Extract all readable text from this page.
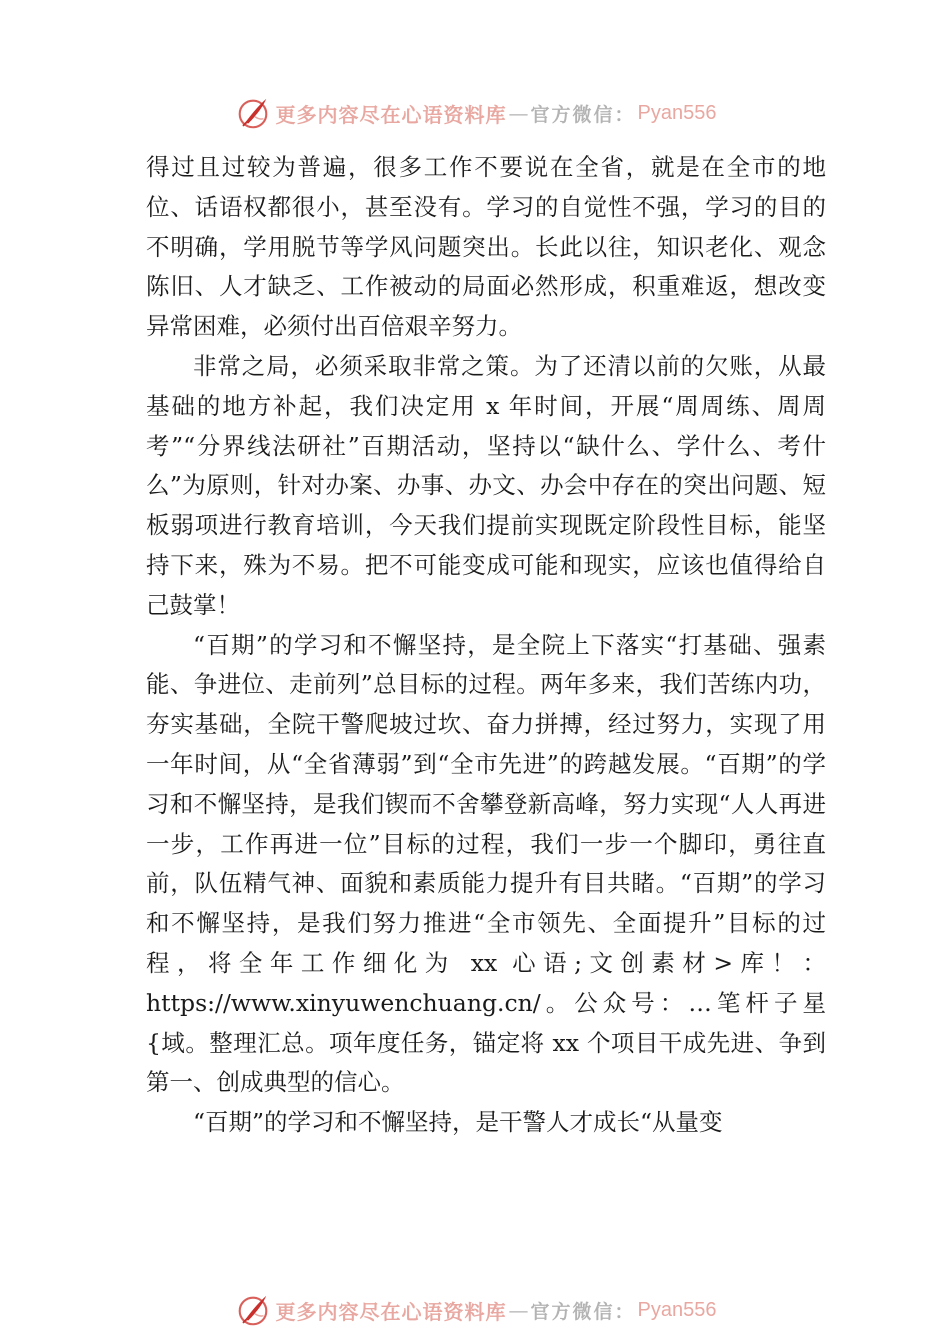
更多内容尽在心语资料库 — 官方微信： Pyan556

得过且过较为普遍，很多工作不要说在全省，就是在全市的地位、话语权都很小，甚至没有。学习的自觉性不强，学习的目的不明确，学用脱节等学风问题突出。长此以往，知识老化、观念陈旧、人才缺乏、工作被动的局面必然形成，积重难返，想改变异常困难，必须付出百倍艰辛努力。

非常之局，必须采取非常之策。为了还清以前的欠账，从最基础的地方补起，我们决定用 x 年时间，开展“周周练、周周考”“分界线法研社”百期活动，坚持以“缺什么、学什么、考什么”为原则，针对办案、办事、办文、办会中存在的突出问题、短板弱项进行教育培训，今天我们提前实现既定阶段性目标，能坚持下来，殊为不易。把不可能变成可能和现实，应该也值得给自己鼓掌！

“百期”的学习和不懈坚持，是全院上下落实“打基础、强素能、争进位、走前列”总目标的过程。两年多来，我们苦练内功，夯实基础，全院干警爬坡过坎、奋力拼搏，经过努力，实现了用一年时间，从“全省薄弱”到“全市先进”的跨越发展。“百期”的学习和不懈坚持，是我们锲而不舍攀登新高峰，努力实现“人人再进一步，工作再进一位”目标的过程，我们一步一个脚印，勇往直前，队伍精气神、面貌和素质能力提升有目共睹。“百期”的学习和不懈坚持，是我们努力推进“全市领先、全面提升”目标的过程，将全年工作细化为 xx 心语;文创素材>库！：https://www.xinyuwenchuang.cn/。公众号：…笔杆子星{域。整理汇总。项年度任务，锚定将 xx 个项目干成先进、争到第一、创成典型的信心。

“百期”的学习和不懈坚持，是干警人才成长“从量变

更多内容尽在心语资料库 — 官方微信： Pyan556
